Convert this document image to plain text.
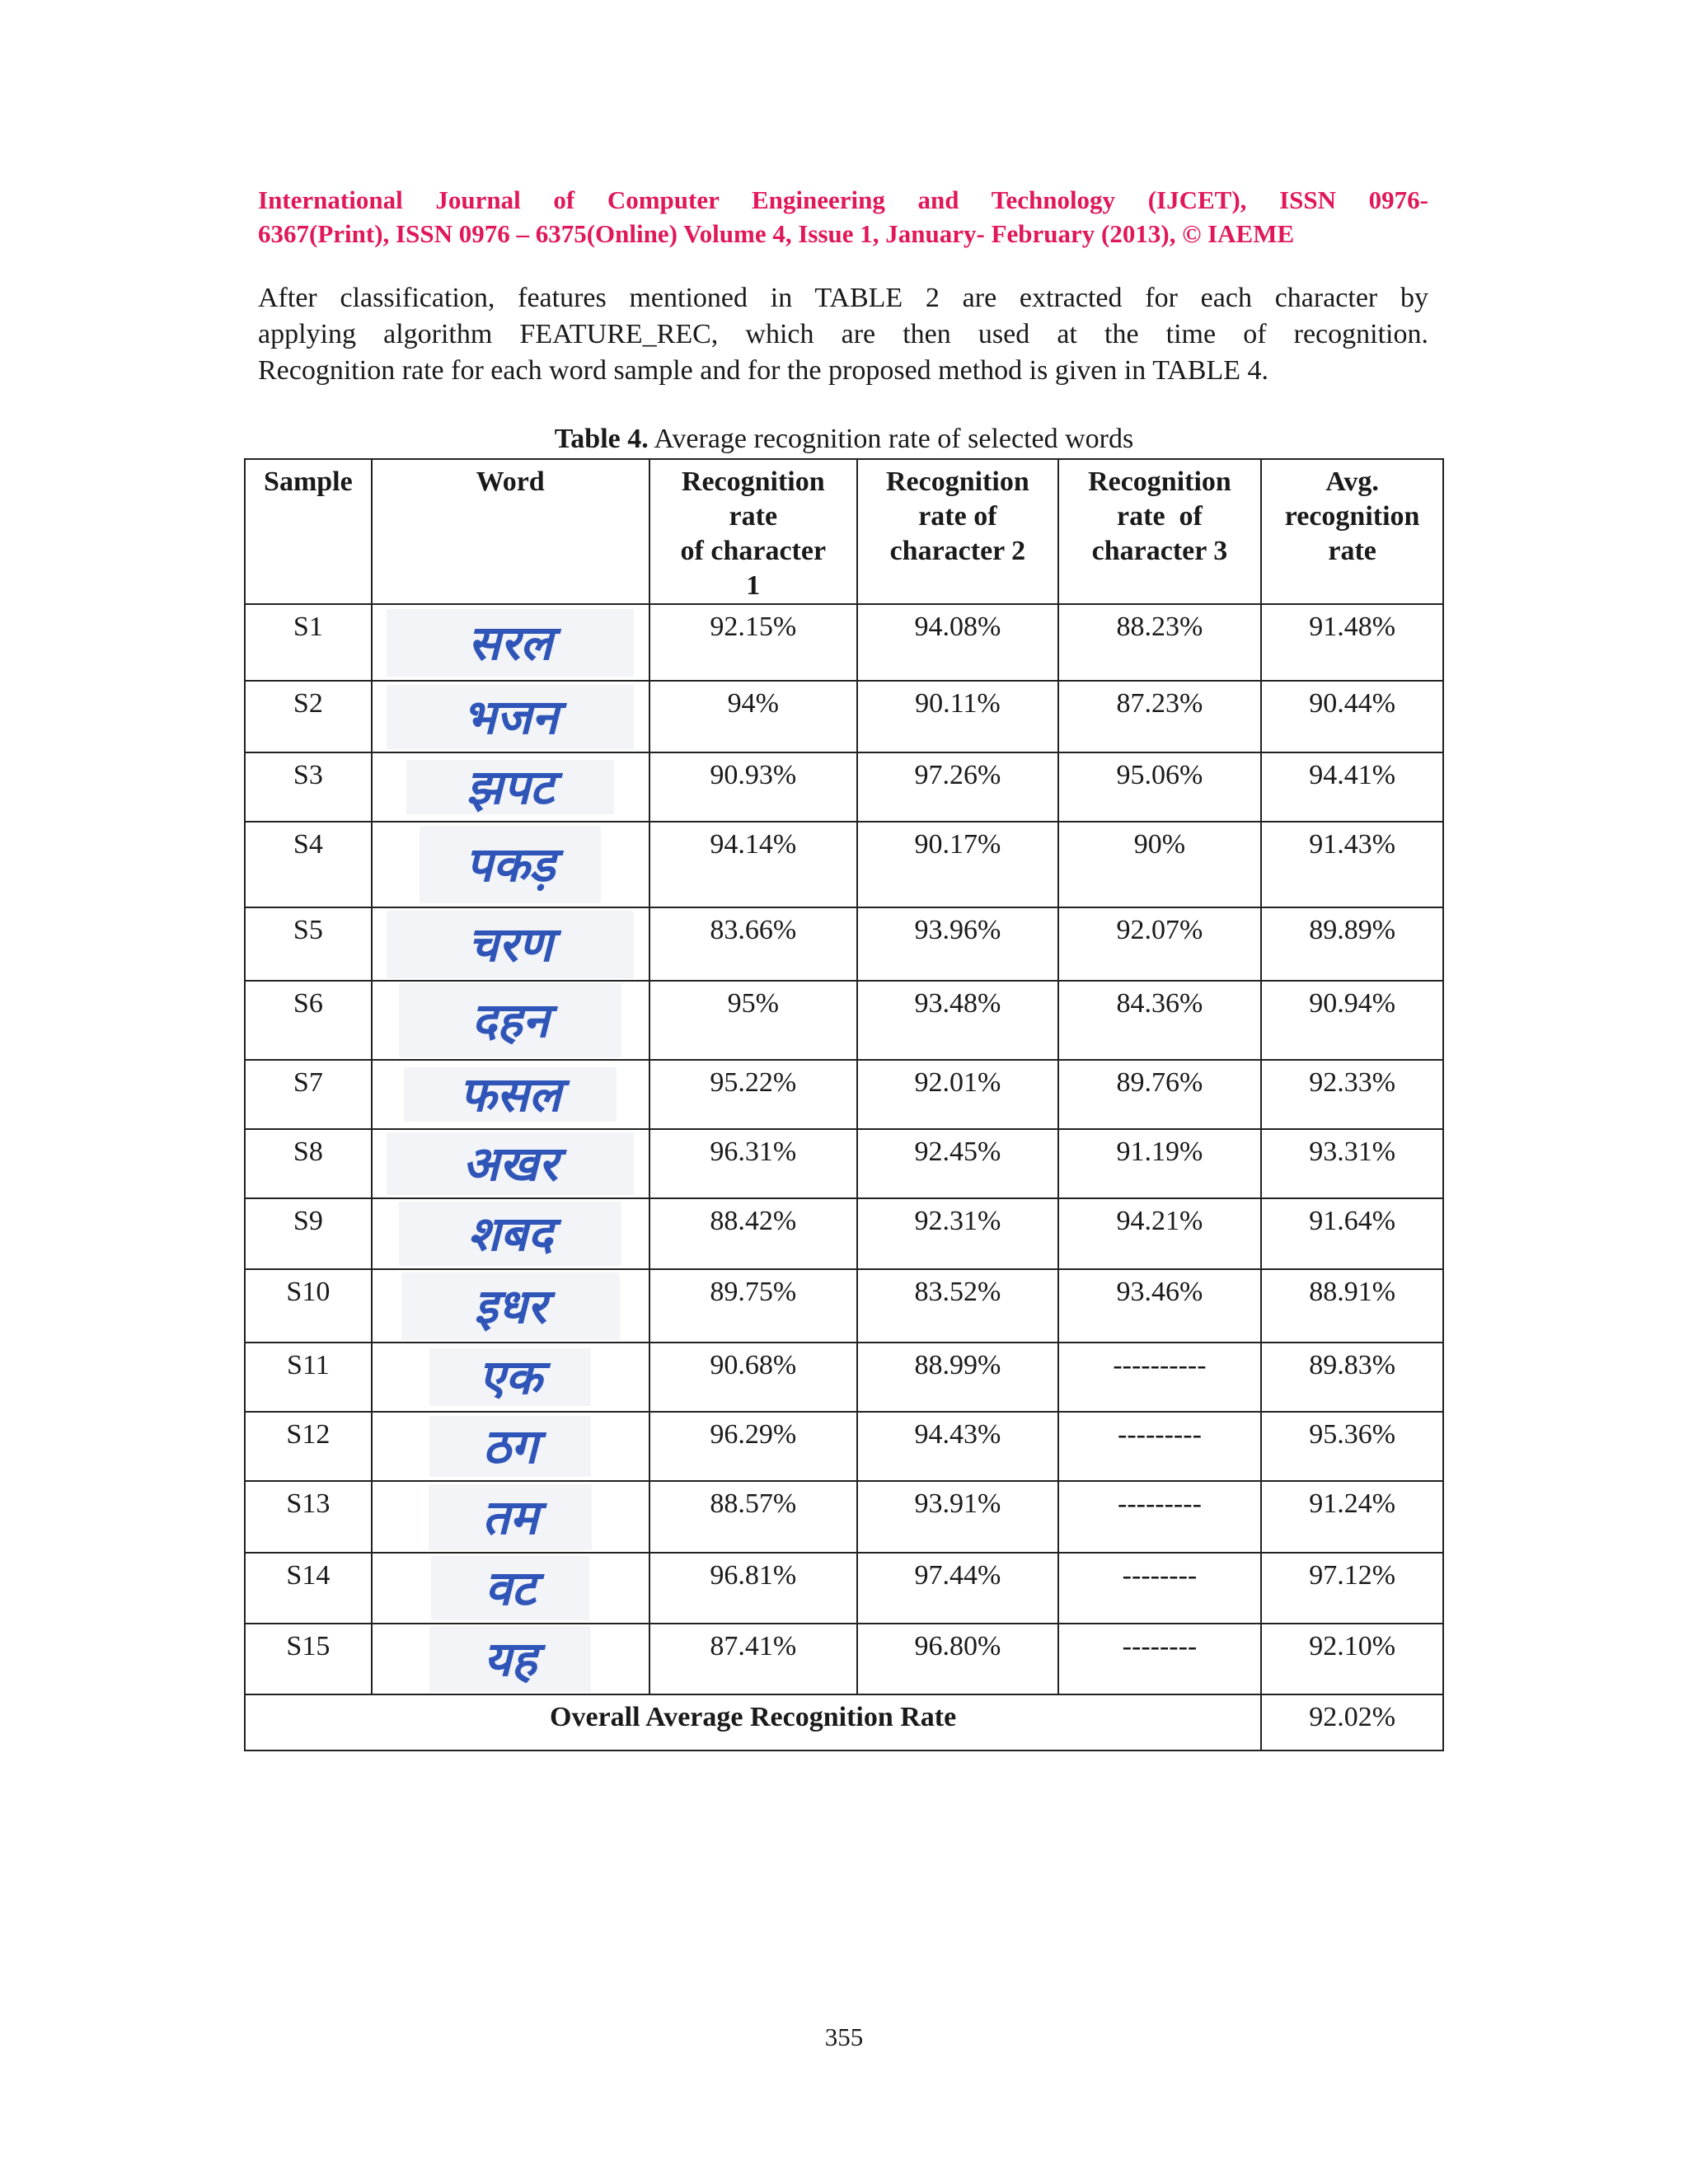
International Journal of Computer Engineering and Technology (IJCET), ISSN 0976-
6367(Print), ISSN 0976 – 6375(Online) Volume 4, Issue 1, January- February (2013), © IAEME
After classification, features mentioned in TABLE 2 are extracted for each character by
applying algorithm FEATURE_REC, which are then used at the time of recognition.
Recognition rate for each word sample and for the proposed method is given in TABLE 4.
Table 4. Average recognition rate of selected words
Sample	Word	Recognition
rate
of character
1	Recognition
rate of
character 2	Recognition
rate  of
character 3	Avg.
recognition
rate
S1	सरल	92.15%	94.08%	88.23%	91.48%
S2	भजन	94%	90.11%	87.23%	90.44%
S3	झपट	90.93%	97.26%	95.06%	94.41%
S4	पकड़	94.14%	90.17%	90%	91.43%
S5	चरण	83.66%	93.96%	92.07%	89.89%
S6	दहन	95%	93.48%	84.36%	90.94%
S7	फसल	95.22%	92.01%	89.76%	92.33%
S8	अखर	96.31%	92.45%	91.19%	93.31%
S9	शबद	88.42%	92.31%	94.21%	91.64%
S10	इधर	89.75%	83.52%	93.46%	88.91%
S11	एक	90.68%	88.99%	----------	89.83%
S12	ठग	96.29%	94.43%	---------	95.36%
S13	तम	88.57%	93.91%	---------	91.24%
S14	वट	96.81%	97.44%	--------	97.12%
S15	यह	87.41%	96.80%	--------	92.10%
Overall Average Recognition Rate					92.02%
355
